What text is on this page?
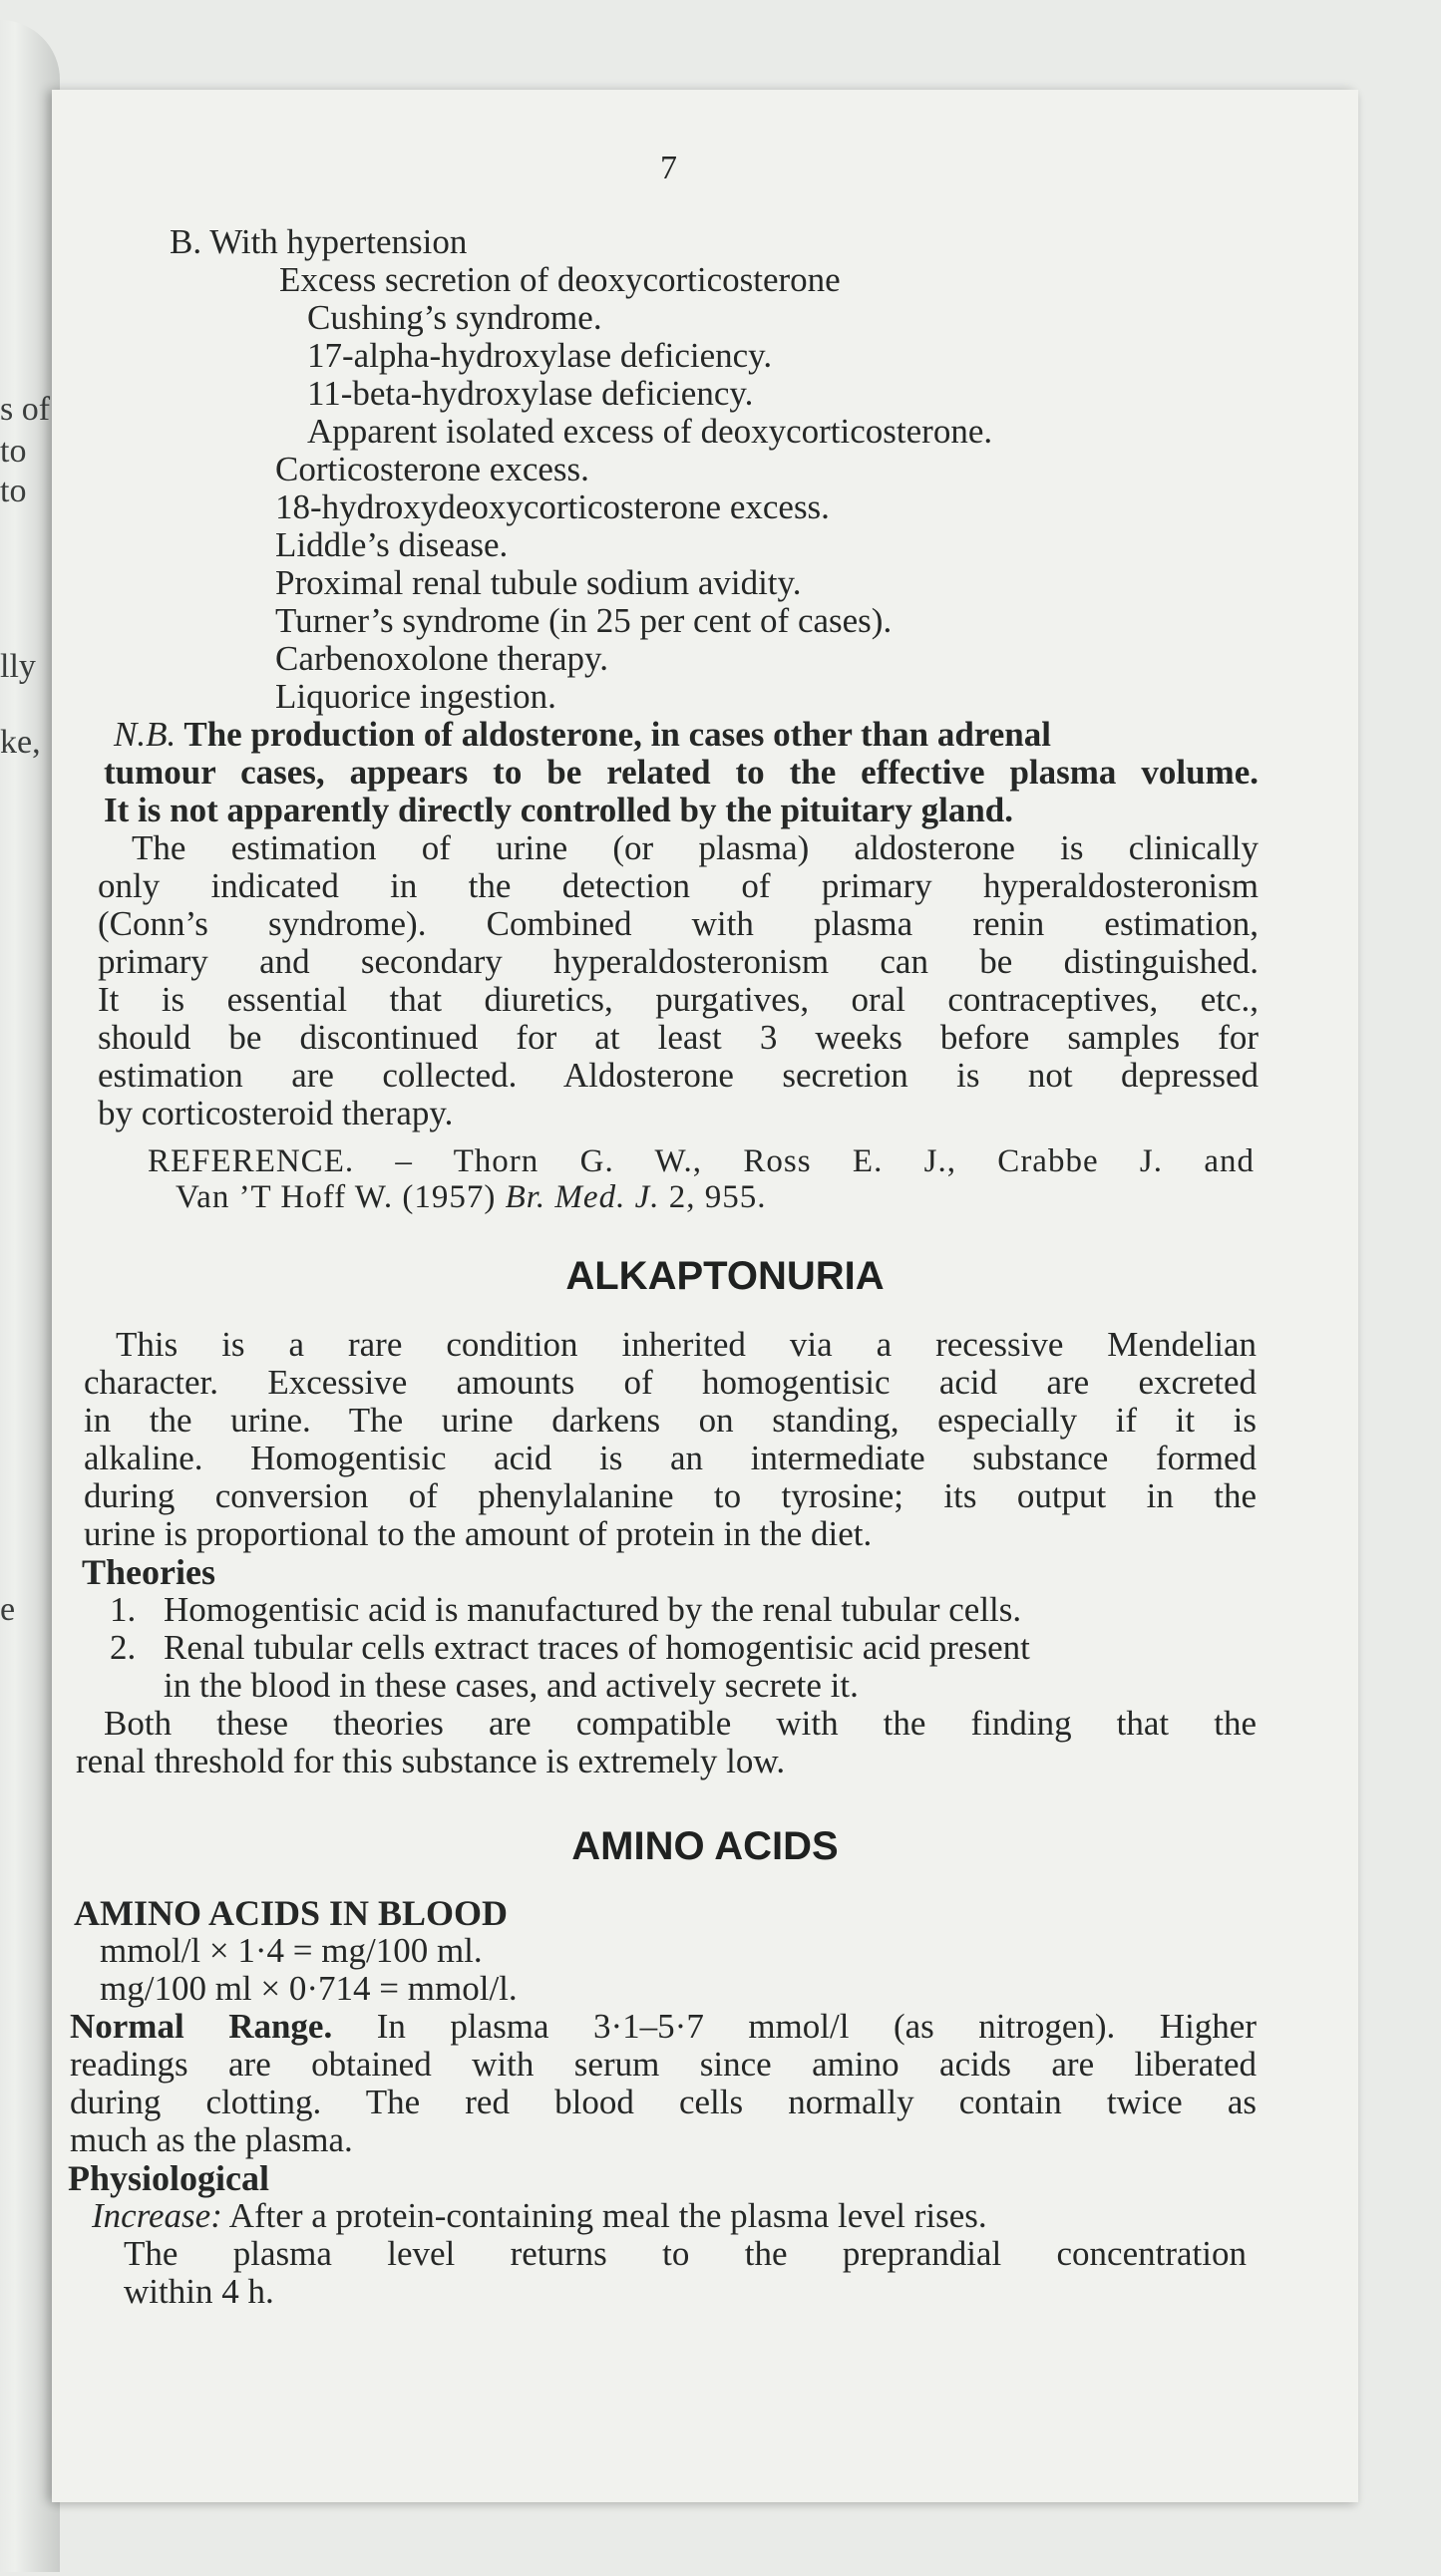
s of
to
to
lly
ke,
e
7
B. With hypertension
Excess secretion of deoxycorticosterone
Cushing’s syndrome.
17-alpha-hydroxylase deficiency.
11-beta-hydroxylase deficiency.
Apparent isolated excess of deoxycorticosterone.
Corticosterone excess.
18-hydroxydeoxycorticosterone excess.
Liddle’s disease.
Proximal renal tubule sodium avidity.
Turner’s syndrome (in 25 per cent of cases).
Carbenoxolone therapy.
Liquorice ingestion.
N.B. The production of aldosterone, in cases other than adrenal
tumour cases, appears to be related to the effective plasma volume.
It is not apparently directly controlled by the pituitary gland.
The estimation of urine (or plasma) aldosterone is clinically
only indicated in the detection of primary hyperaldosteronism
(Conn’s syndrome). Combined with plasma renin estimation,
primary and secondary hyperaldosteronism can be distinguished.
It is essential that diuretics, purgatives, oral contraceptives, etc.,
should be discontinued for at least 3 weeks before samples for
estimation are collected. Aldosterone secretion is not depressed
by corticosteroid therapy.
REFERENCE. – Thorn G. W., Ross E. J., Crabbe J. and
Van ’T Hoff W. (1957) Br. Med. J. 2, 955.
ALKAPTONURIA
This is a rare condition inherited via a recessive Mendelian
character. Excessive amounts of homogentisic acid are excreted
in the urine. The urine darkens on standing, especially if it is
alkaline. Homogentisic acid is an intermediate substance formed
during conversion of phenylalanine to tyrosine; its output in the
urine is proportional to the amount of protein in the diet.
Theories
1. Homogentisic acid is manufactured by the renal tubular cells.
2. Renal tubular cells extract traces of homogentisic acid present
in the blood in these cases, and actively secrete it.
Both these theories are compatible with the finding that the
renal threshold for this substance is extremely low.
AMINO ACIDS
AMINO ACIDS IN BLOOD
mmol/l × 1·4 = mg/100 ml.
mg/100 ml × 0·714 = mmol/l.
Normal Range. In plasma 3·1–5·7 mmol/l (as nitrogen). Higher
readings are obtained with serum since amino acids are liberated
during clotting. The red blood cells normally contain twice as
much as the plasma.
Physiological
Increase: After a protein-containing meal the plasma level rises.
The plasma level returns to the preprandial concentration
within 4 h.
